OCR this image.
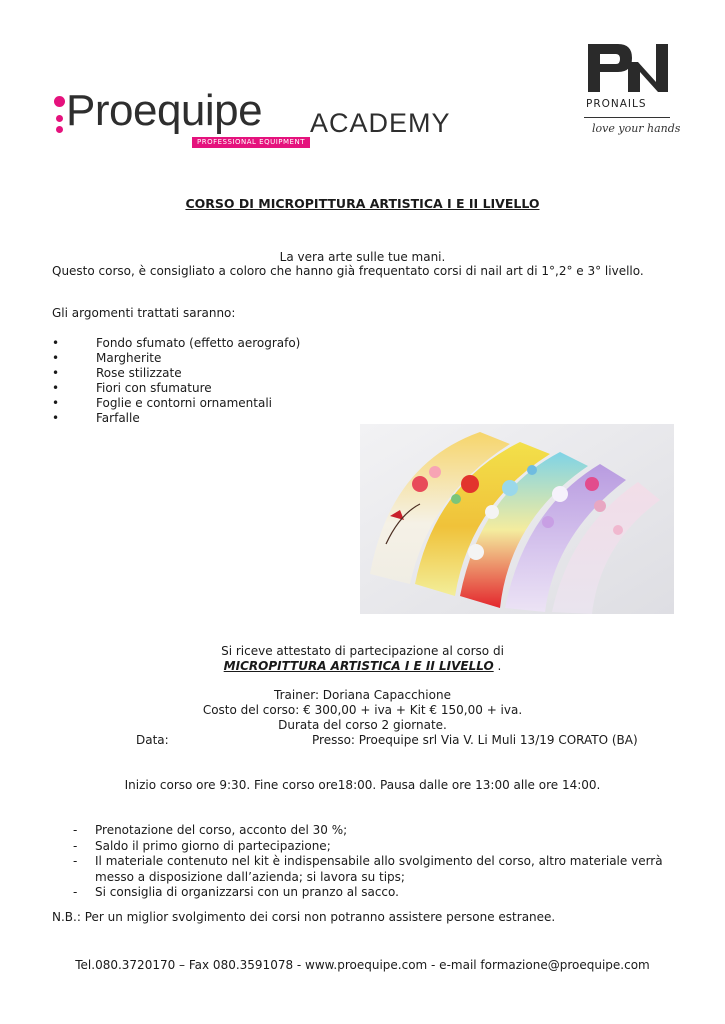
Proequipe
PROFESSIONAL EQUIPMENT
ACADEMY
PRONAILS
love your hands
CORSO DI MICROPITTURA ARTISTICA I E II LIVELLO
La vera arte sulle tue mani.
Questo corso, è consigliato a coloro che hanno già frequentato corsi di nail art di 1°,2° e 3° livello.
Gli argomenti trattati saranno:
• Fondo sfumato (effetto aerografo)
• Margherite
• Rose stilizzate
• Fiori con sfumature
• Foglie e contorni ornamentali
• Farfalle
Si riceve attestato di partecipazione al corso di
MICROPITTURA ARTISTICA I E II LIVELLO .
Trainer: Doriana Capacchione
Costo del corso: € 300,00 + iva + Kit € 150,00 + iva.
Durata del corso 2 giornate.
Data:	Presso: Proequipe srl Via V. Li Muli 13/19 CORATO (BA)
Inizio corso ore 9:30. Fine corso ore18:00. Pausa dalle ore 13:00 alle ore 14:00.
- Prenotazione del corso, acconto del 30 %;
- Saldo il primo giorno di partecipazione;
- Il materiale contenuto nel kit è indispensabile allo svolgimento del corso, altro materiale verrà messo a disposizione dall’azienda; si lavora su tips;
- Si consiglia di organizzarsi con un pranzo al sacco.
N.B.: Per un miglior svolgimento dei corsi non potranno assistere persone estranee.
Tel.080.3720170 – Fax 080.3591078 - www.proequipe.com - e-mail formazione@proequipe.com
